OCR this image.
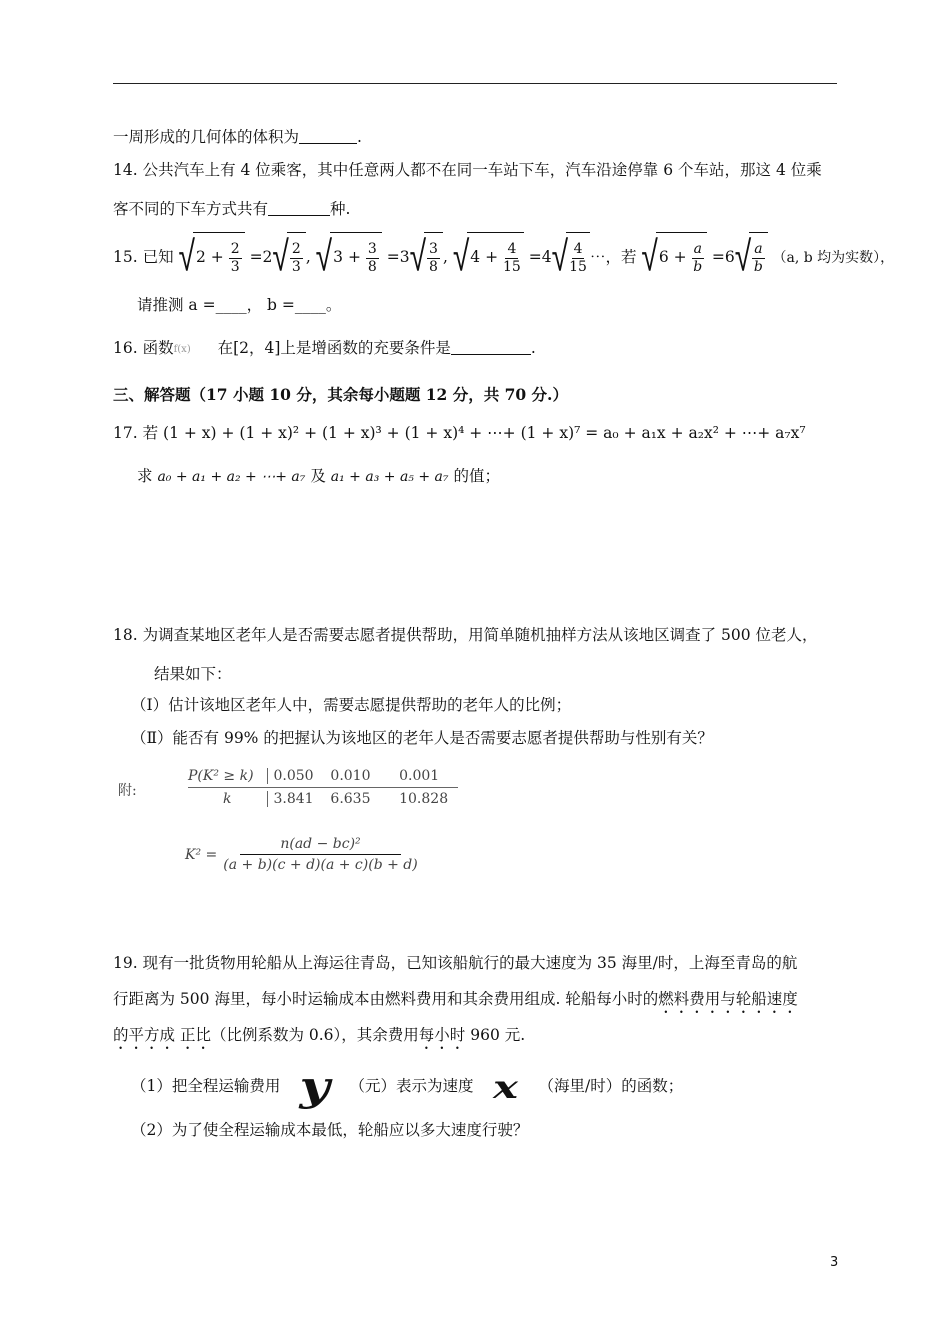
一周形成的几何体的体积为	.
14. 公共汽车上有 4 位乘客，其中任意两人都不在同一车站下车，汽车沿途停靠 6 个车站，那这 4 位乘
客不同的下车方式共有	种.
15. 已知 $√2 + \frac{2}{3} =2√ \frac{2}{3}$ , $√3 + \frac{3}{8} =3√ \frac{3}{8}$ , $√4 + \frac{4}{15} =4√ \frac{4}{15}$ ⋯，若 $√6 + \frac{a}{b} =6√ \frac{a}{b} (a$, b 均为实数），
请推测 a =____， b =____。
16. 函数f(x) 在[2，4]上是增函数的充要条件是	.
三、解答题（17 小题 10 分，其余每小题题 12 分，共 70 分.）
17. 若 (1 + x) + (1 + x)² + (1 + x)³ + (1 + x)⁴ + ⋯+ (1 + x)⁷ = a₀ + a₁x + a₂x² + ⋯+ a₇x⁷
求 a₀ + a₁ + a₂ + ⋯+ a₇ 及 a₁ + a₃ + a₅ + a₇ 的值；
18. 为调查某地区老年人是否需要志愿者提供帮助，用简单随机抽样方法从该地区调查了 500 位老人，
结果如下：
（Ⅰ）估计该地区老年人中，需要志愿提供帮助的老年人的比例；
（Ⅱ）能否有 99% 的把握认为该地区的老年人是否需要志愿者提供帮助与性别有关？
附:
P(K² ≥ k)	0.050	0.010	0.001
k	3.841	6.635	10.828
$K^2 = \frac{\text{n(ad − bc)²}}{(a + b)(c + d)(a + c)(b + d)}$
19. 现有一批货物用轮船从上海运往青岛，已知该船航行的最大速度为 35 海里/时，上海至青岛的航
行距离为 500 海里，每小时运输成本由燃料费用和其余费用组成. 轮船每小时的燃料费用与轮船速度
的平方成 正比（比例系数为 0.6），其余费用每小时 960 元.
（1）把全程运输费用 y （元）表示为速度 x （海里/时）的函数；
（2）为了使全程运输成本最低，轮船应以多大速度行驶？
3
